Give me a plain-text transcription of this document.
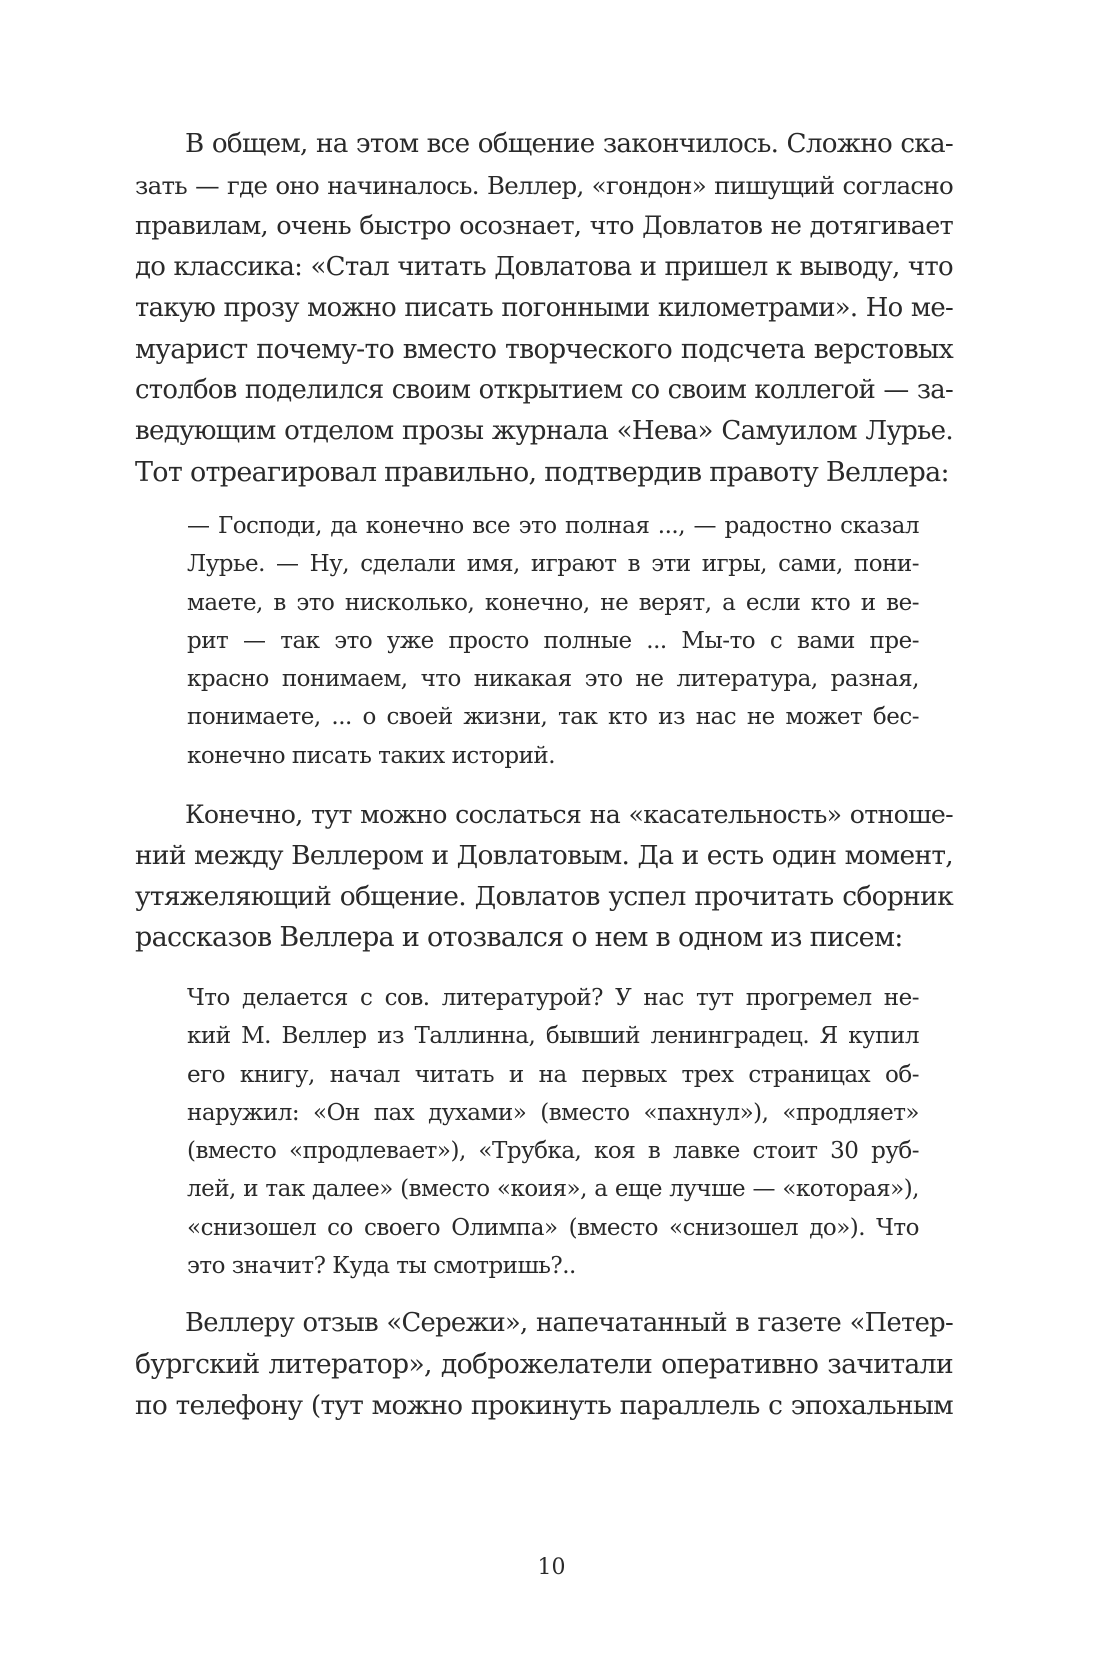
В общем, на этом все общение закончилось. Сложно ска-
зать — где оно начиналось. Веллер, «гондон» пишущий согласно
правилам, очень быстро осознает, что Довлатов не дотягивает
до классика: «Стал читать Довлатова и пришел к выводу, что
такую прозу можно писать погонными километрами». Но ме-
муарист почему-то вместо творческого подсчета верстовых
столбов поделился своим открытием со своим коллегой — за-
ведующим отделом прозы журнала «Нева» Самуилом Лурье.
Тот отреагировал правильно, подтвердив правоту Веллера:
— Господи, да конечно все это полная ..., — радостно сказал
Лурье. — Ну, сделали имя, играют в эти игры, сами, пони-
маете, в это нисколько, конечно, не верят, а если кто и ве-
рит — так это уже просто полные ... Мы-то с вами пре-
красно понимаем, что никакая это не литература, разная,
понимаете, ... о своей жизни, так кто из нас не может бес-
конечно писать таких историй.
Конечно, тут можно сослаться на «касательность» отноше-
ний между Веллером и Довлатовым. Да и есть один момент,
утяжеляющий общение. Довлатов успел прочитать сборник
рассказов Веллера и отозвался о нем в одном из писем:
Что делается с сов. литературой? У нас тут прогремел не-
кий М. Веллер из Таллинна, бывший ленинградец. Я купил
его книгу, начал читать и на первых трех страницах об-
наружил: «Он пах духами» (вместо «пахнул»), «продляет»
(вместо «продлевает»), «Трубка, коя в лавке стоит 30 руб-
лей, и так далее» (вместо «коия», а еще лучше — «которая»),
«снизошел со своего Олимпа» (вместо «снизошел до»). Что
это значит? Куда ты смотришь?..
Веллеру отзыв «Сережи», напечатанный в газете «Петер-
бургский литератор», доброжелатели оперативно зачитали
по телефону (тут можно прокинуть параллель с эпохальным
10
